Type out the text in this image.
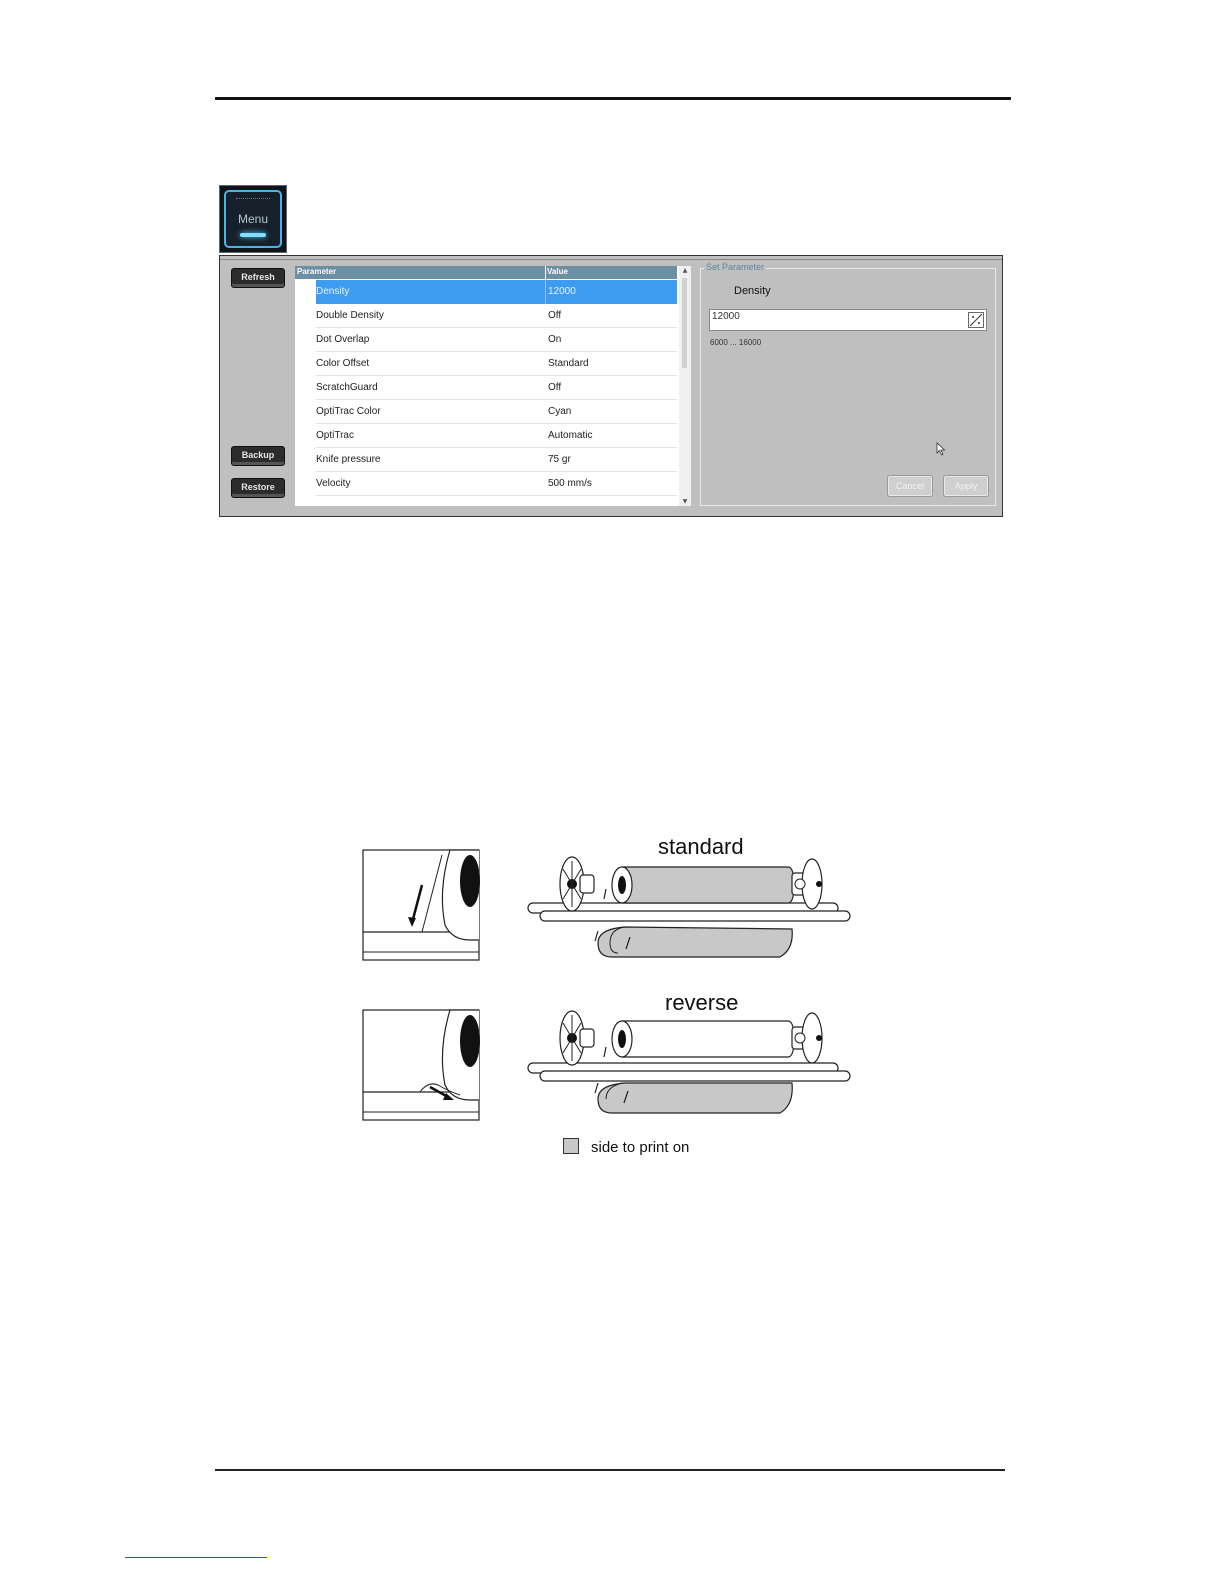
Menu
Refresh
Backup
Restore
Parameter	Value
Density	12000
Double Density	Off
Dot Overlap	On
Color Offset	Standard
ScratchGuard	Off
OptiTrac Color	Cyan
OptiTrac	Automatic
Knife pressure	75 gr
Velocity	500 mm/s
▲
▼
Set Parameter
Density
12000
6000 ... 16000
Cancel	Apply
standard
reverse
side to print on
